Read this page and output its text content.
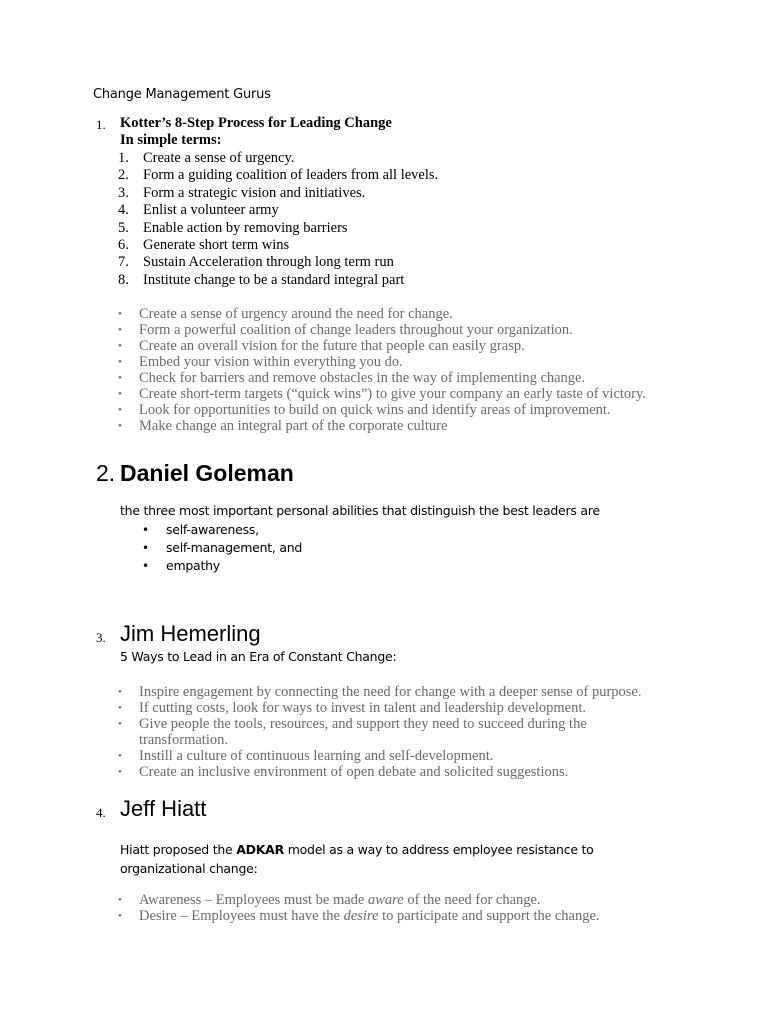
Change Management Gurus
1. Kotter’s 8-Step Process for Leading Change
In simple terms:
1. Create a sense of urgency.
2. Form a guiding coalition of leaders from all levels.
3. Form a strategic vision and initiatives.
4. Enlist a volunteer army
5. Enable action by removing barriers
6. Generate short term wins
7. Sustain Acceleration through long term run
8. Institute change to be a standard integral part
• Create a sense of urgency around the need for change.
• Form a powerful coalition of change leaders throughout your organization.
• Create an overall vision for the future that people can easily grasp.
• Embed your vision within everything you do.
• Check for barriers and remove obstacles in the way of implementing change.
• Create short-term targets (“quick wins”) to give your company an early taste of victory.
• Look for opportunities to build on quick wins and identify areas of improvement.
• Make change an integral part of the corporate culture
2. Daniel Goleman
the three most important personal abilities that distinguish the best leaders are
• self-awareness,
• self-management, and
• empathy
3. Jim Hemerling
5 Ways to Lead in an Era of Constant Change:
• Inspire engagement by connecting the need for change with a deeper sense of purpose.
• If cutting costs, look for ways to invest in talent and leadership development.
• Give people the tools, resources, and support they need to succeed during the transformation.
• Instill a culture of continuous learning and self-development.
• Create an inclusive environment of open debate and solicited suggestions.
4. Jeff Hiatt
Hiatt proposed the ADKAR model as a way to address employee resistance to organizational change:
• Awareness – Employees must be made aware of the need for change.
• Desire – Employees must have the desire to participate and support the change.
